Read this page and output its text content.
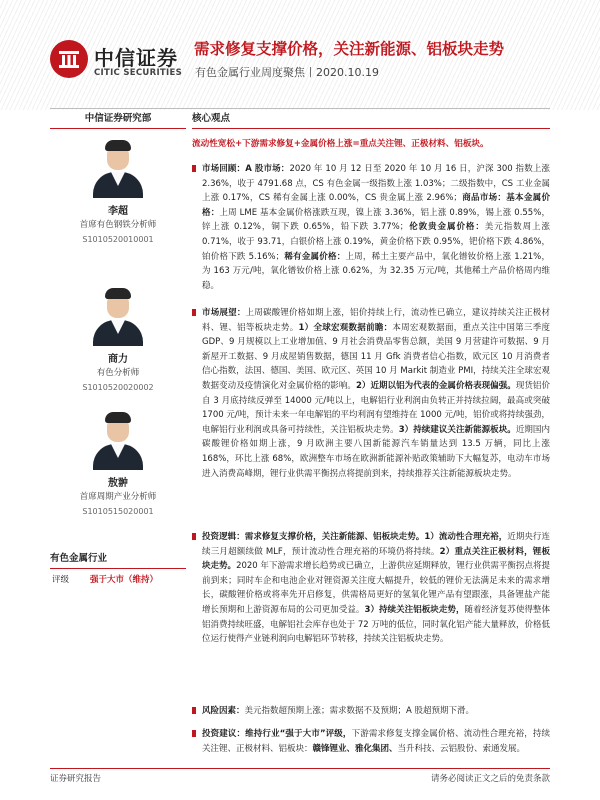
中信证券
CITIC SECURITIES
需求修复支撑价格，关注新能源、铝板块走势
有色金属行业周度聚焦丨2020.10.19
中信证券研究部
李超
首席有色钢铁分析师
S1010520010001
商力
有色分析师
S1010520020002
敖翀
首席周期产业分析师
S1010515020001
有色金属行业
评级 强于大市（维持）
核心观点
流动性宽松+下游需求修复+金属价格上涨=重点关注锂、正极材料、铝板块。

市场回顾：A 股市场：2020 年 10 月 12 日至 2020 年 10 月 16 日，沪深 300 指数上涨 2.36%，收于 4791.68 点，CS 有色金属一级指数上涨 1.03%；二级指数中，CS 工业金属上涨 0.17%，CS 稀有金属上涨 0.00%，CS 贵金属上涨 2.96%；商品市场：基本金属价格：上周 LME 基本金属价格涨跌互现，镍上涨 3.36%，铝上涨 0.89%，锡上涨 0.55%，锌上涨 0.12%，铜下跌 0.65%，铅下跌 3.77%；伦敦贵金属价格：美元指数周上涨 0.71%，收于 93.71，白银价格上涨 0.19%，黄金价格下跌 0.95%，钯价格下跌 4.86%，铂价格下跌 5.16%；稀有金属价格：上周，稀土主要产品中，氧化镨钕价格上涨 1.21%，为 163 万元/吨，氧化镨钕价格上涨 0.62%，为 32.35 万元/吨，其他稀土产品价格周内维稳。

市场展望：上周碳酸锂价格如期上涨，铝价持续上行，流动性已确立，建议持续关注正极材料、锂、铝等板块走势。1）全球宏观数据前瞻：本周宏观数据面，重点关注中国第三季度 GDP、9 月规模以上工业增加值、9 月社会消费品零售总额，美国 9 月营建许可数据、9 月新屋开工数据、9 月成屋销售数据，德国 11 月 Gfk 消费者信心指数，欧元区 10 月消费者信心指数，法国、德国、美国、欧元区、英国 10 月 Markit 制造业 PMI，持续关注全球宏观数据变动及疫情演化对金属价格的影响。2）近期以铝为代表的金属价格表现偏强。现货铝价自 3 月底持续反弹至 14000 元/吨以上，电解铝行业利润由负转正并持续拉阔，最高或突破 1700 元/吨，预计未来一年电解铝的平均利润有望维持在 1000 元/吨，铝价或将持续强劲，电解铝行业利润或具备可持续性，关注铝板块走势。3）持续建议关注新能源板块。近期国内碳酸锂价格如期上涨，9 月欧洲主要八国新能源汽车销量达到 13.5 万辆，同比上涨 168%，环比上涨 68%，欧洲整车市场在欧洲新能源补贴政策辅助下大幅复苏，电动车市场进入消费高峰期，锂行业供需平衡拐点将提前到来，持续推荐关注新能源板块走势。

投资逻辑：需求修复支撑价格，关注新能源、铝板块走势。1）流动性合理充裕，近期央行连续三月超额续做 MLF，预计流动性合理充裕的环境仍将持续。2）重点关注正极材料，锂板块走势。2020 年下游需求增长趋势或已确立，上游供应延期释放，锂行业供需平衡拐点将提前到来；同时车企和电池企业对锂资源关注度大幅提升，较低的锂价无法满足未来的需求增长，碳酸锂价格或将率先开启修复，供需格局更好的氢氧化锂产品有望跟涨，具备锂盐产能增长预期和上游资源布局的公司更加受益。3）持续关注铝板块走势，随着经济复苏使得整体铝消费持续旺盛，电解铝社会库存也处于 72 万吨的低位，同时氧化铝产能大量释放，价格低位运行使得产业链利润向电解铝环节转移，持续关注铝板块走势。

风险因素：美元指数超预期上涨；需求数据不及预期；A 股超预期下滑。

投资建议：维持行业“强于大市”评级，下游需求修复支撑金属价格、流动性合理充裕，持续关注锂、正极材料、铝板块：赣锋锂业、雅化集团、当升科技、云铝股份、索通发展。

证券研究报告	请务必阅读正文之后的免责条款
